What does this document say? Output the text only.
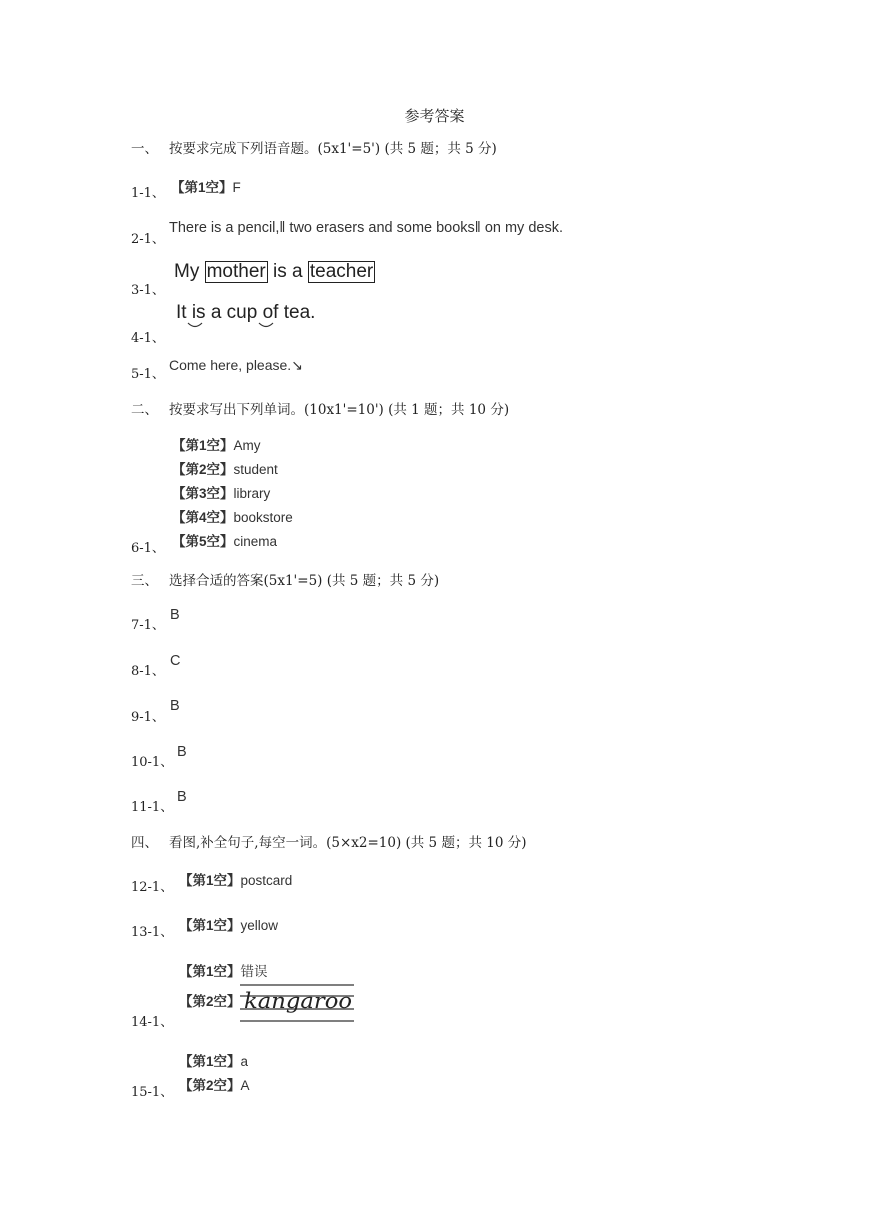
参考答案
一、 按要求完成下列语音题。(5x1'=5') (共 5 题；共 5 分)
1-1、 【第1空】F
2-1、
There is a pencil,‖ two erasers and some books‖ on my desk.
3-1、
My mother is a teacher
4-1、
It is a cup of tea.
5-1、
Come here, please.↘
二、 按要求写出下列单词。(10x1'=10') (共 1 题；共 10 分)
【第1空】Amy
【第2空】student
【第3空】library
【第4空】bookstore
6-1、 【第5空】cinema
三、 选择合适的答案(5x1'=5) (共 5 题；共 5 分)
7-1、
B
8-1、
C
9-1、
B
10-1、
B
11-1、
B
四、 看图,补全句子,每空一词。(5×x2=10) (共 5 题；共 10 分)
12-1、 【第1空】postcard
13-1、 【第1空】yellow
【第1空】错误
【第2空】 kangaroo
14-1、
【第1空】a
15-1、 【第2空】A
